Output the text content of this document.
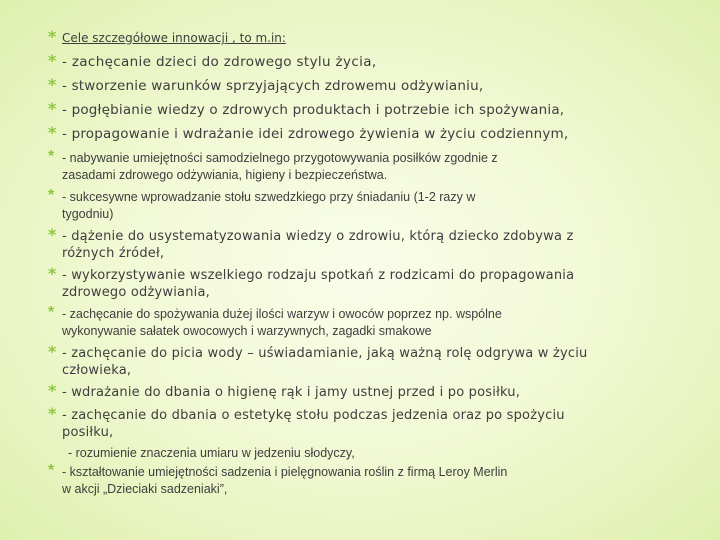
* Cele szczegółowe innowacji , to m.in:
* - zachęcanie dzieci do zdrowego stylu życia,
* - stworzenie warunków sprzyjających zdrowemu odżywianiu,
* - pogłębianie wiedzy o zdrowych produktach i potrzebie ich spożywania,
* - propagowanie i wdrażanie idei zdrowego żywienia w życiu codziennym,
* - nabywanie umiejętności samodzielnego przygotowywania posiłków zgodnie z
zasadami zdrowego odżywiania, higieny i bezpieczeństwa.
* - sukcesywne wprowadzanie stołu szwedzkiego przy śniadaniu (1-2 razy w
tygodniu)
* - dążenie do usystematyzowania wiedzy o zdrowiu, którą dziecko zdobywa z
różnych źródeł,
* - wykorzystywanie wszelkiego rodzaju spotkań z rodzicami do propagowania
zdrowego odżywiania,
* - zachęcanie do spożywania dużej ilości warzyw i owoców poprzez np. wspólne
wykonywanie sałatek owocowych i warzywnych, zagadki smakowe
* - zachęcanie do picia wody – uświadamianie, jaką ważną rolę odgrywa w życiu
człowieka,
* - wdrażanie do dbania o higienę rąk i jamy ustnej przed i po posiłku,
* - zachęcanie do dbania o estetykę stołu podczas jedzenia oraz po spożyciu
posiłku,
- rozumienie znaczenia umiaru w jedzeniu słodyczy,
* - kształtowanie umiejętności sadzenia i pielęgnowania roślin z firmą Leroy Merlin
w akcji „Dzieciaki sadzeniaki”,
